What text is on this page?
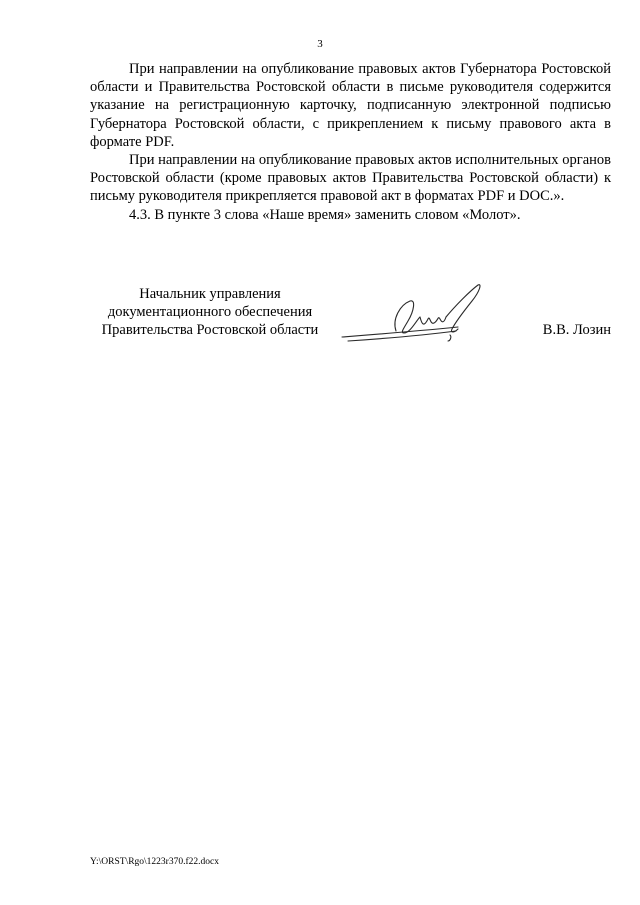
3

При направлении на опубликование правовых актов Губернатора Ростовской области и Правительства Ростовской области в письме руководителя содержится указание на регистрационную карточку, подписанную электронной подписью Губернатора Ростовской области, с прикреплением к письму правового акта в формате PDF.

При направлении на опубликование правовых актов исполнительных органов Ростовской области (кроме правовых актов Правительства Ростовской области) к письму руководителя прикрепляется правовой акт в форматах PDF и DOC.».

4.3. В пункте 3 слова «Наше время» заменить словом «Молот».

Начальник управления
документационного обеспечения
Правительства Ростовской области	В.В. Лозин
Y:\ORST\Rgo\1223r370.f22.docx
